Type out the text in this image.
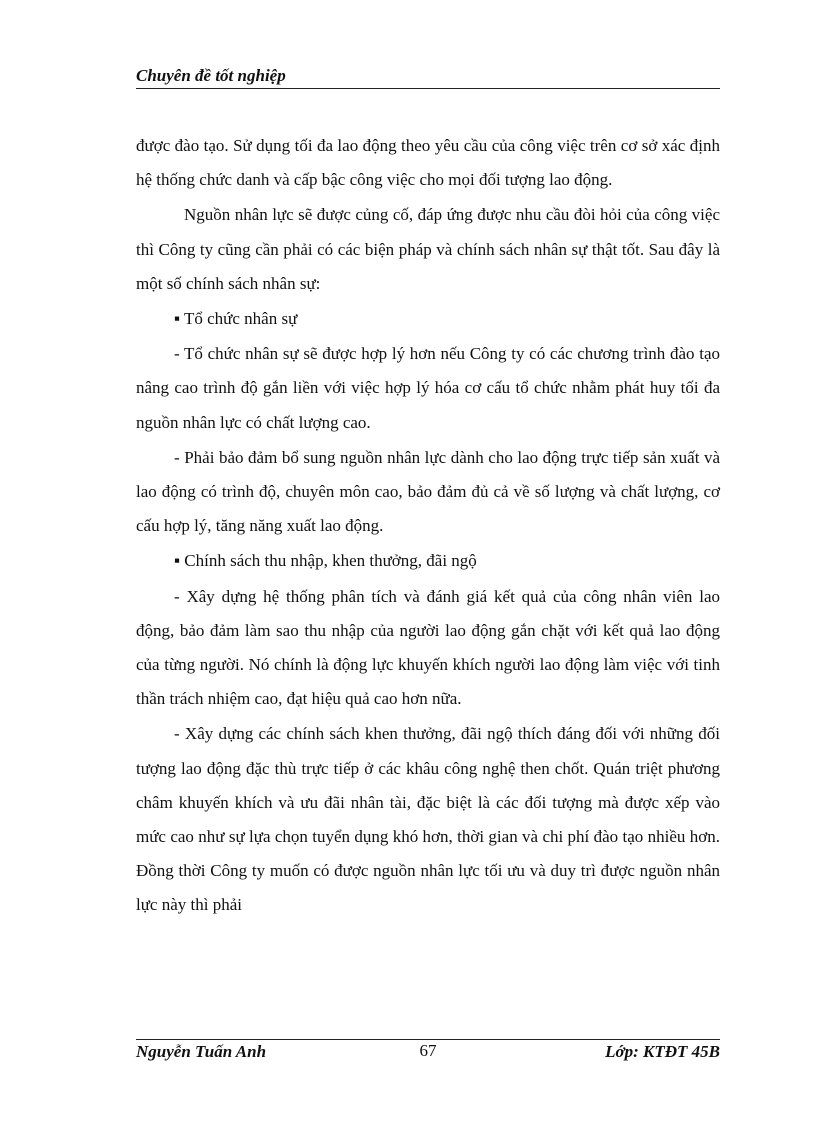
Chuyên đề tốt nghiệp

được đào tạo. Sử dụng tối đa lao động theo yêu cầu của công việc trên cơ sở xác định hệ thống chức danh và cấp bậc công việc cho mọi đối tượng lao động.

Nguồn nhân lực sẽ được củng cố, đáp ứng được nhu cầu đòi hỏi của công việc thì Công ty cũng cần phải có các biện pháp và chính sách nhân sự thật tốt. Sau đây là một số chính sách nhân sự:

▪ Tổ chức nhân sự

- Tổ chức nhân sự sẽ được hợp lý hơn nếu Công ty có các chương trình đào tạo nâng cao trình độ gắn liền với việc hợp lý hóa cơ cấu tổ chức nhằm phát huy tối đa nguồn nhân lực có chất lượng cao.

- Phải bảo đảm bổ sung nguồn nhân lực dành cho lao động trực tiếp sản xuất và lao động có trình độ, chuyên môn cao, bảo đảm đủ cả về số lượng và chất lượng, cơ cấu hợp lý, tăng năng xuất lao động.

▪ Chính sách thu nhập, khen thưởng, đãi ngộ

- Xây dựng hệ thống phân tích và đánh giá kết quả của công nhân viên lao động, bảo đảm làm sao thu nhập của người lao động gắn chặt với kết quả lao động của từng người. Nó chính là động lực khuyến khích người lao động làm việc với tinh thần trách nhiệm cao, đạt hiệu quả cao hơn nữa.

- Xây dựng các chính sách khen thưởng, đãi ngộ thích đáng đối với những đối tượng lao động đặc thù trực tiếp ở các khâu công nghệ then chốt. Quán triệt phương châm khuyến khích và ưu đãi nhân tài, đặc biệt là các đối tượng mà được xếp vào mức cao như sự lựa chọn tuyển dụng khó hơn, thời gian và chi phí đào tạo nhiều hơn. Đồng thời Công ty muốn có được nguồn nhân lực tối ưu và duy trì được nguồn nhân lực này thì phải

Nguyễn Tuấn Anh	67	Lớp: KTĐT 45B
